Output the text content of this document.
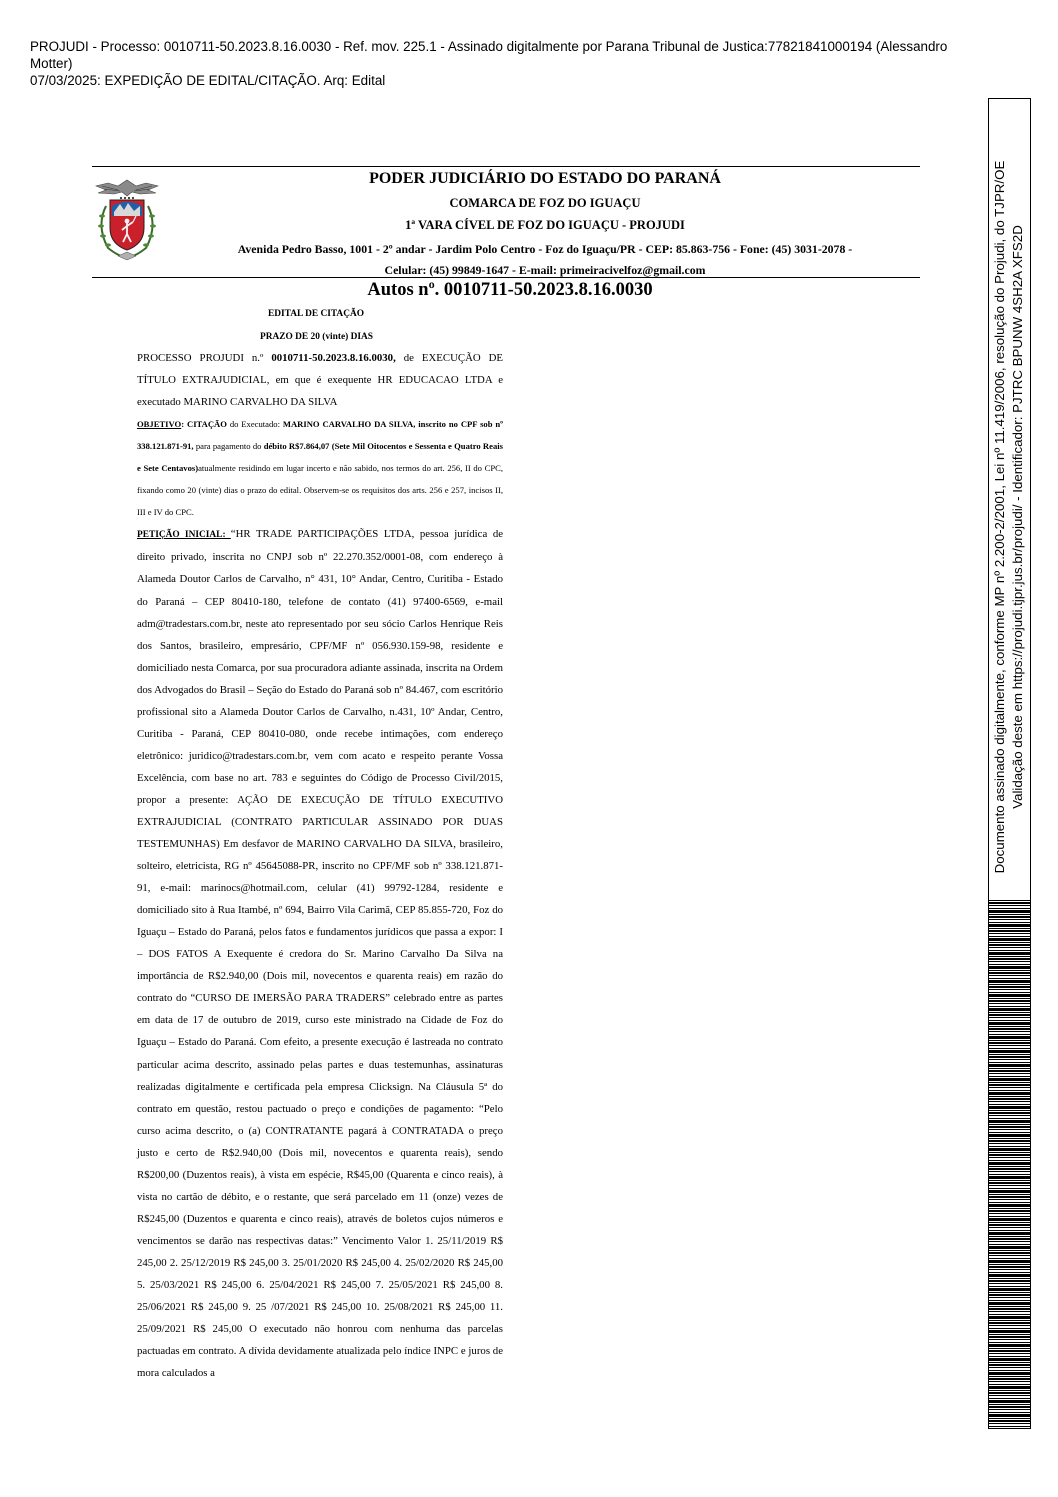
PROJUDI - Processo: 0010711-50.2023.8.16.0030 - Ref. mov. 225.1 - Assinado digitalmente por Parana Tribunal de Justica:77821841000194 (Alessandro Motter)
07/03/2025: EXPEDIÇÃO DE EDITAL/CITAÇÃO. Arq: Edital
PODER JUDICIÁRIO DO ESTADO DO PARANÁ
COMARCA DE FOZ DO IGUAÇU
1ª VARA CÍVEL DE FOZ DO IGUAÇU - PROJUDI
Avenida Pedro Basso, 1001 - 2º andar - Jardim Polo Centro - Foz do Iguaçu/PR - CEP: 85.863-756 - Fone: (45) 3031-2078 -
Celular: (45) 99849-1647 - E-mail: primeiracivelfoz@gmail.com
Autos nº. 0010711-50.2023.8.16.0030
EDITAL DE CITAÇÃO
PRAZO DE 20 (vinte) DIAS

PROCESSO PROJUDI n.º 0010711-50.2023.8.16.0030, de EXECUÇÃO DE TÍTULO EXTRAJUDICIAL, em que é exequente HR EDUCACAO LTDA e executado MARINO CARVALHO DA SILVA

OBJETIVO: CITAÇÃO do Executado: MARINO CARVALHO DA SILVA, inscrito no CPF sob nº 338.121.871-91, para pagamento do débito R$7.864,07 (Sete Mil Oitocentos e Sessenta e Quatro Reais e Sete Centavos)atualmente residindo em lugar incerto e não sabido, nos termos do art. 256, II do CPC, fixando como 20 (vinte) dias o prazo do edital. Observem-se os requisitos dos arts. 256 e 257, incisos II, III e IV do CPC.

PETIÇÃO INICIAL: “HR TRADE PARTICIPAÇÕES LTDA, pessoa jurídica de direito privado, inscrita no CNPJ sob nº 22.270.352/0001-08, com endereço à Alameda Doutor Carlos de Carvalho, n° 431, 10° Andar, Centro, Curitiba - Estado do Paraná – CEP 80410-180, telefone de contato (41) 97400-6569, e-mail adm@tradestars.com.br, neste ato representado por seu sócio Carlos Henrique Reis dos Santos, brasileiro, empresário, CPF/MF nº 056.930.159-98, residente e domiciliado nesta Comarca, por sua procuradora adiante assinada, inscrita na Ordem dos Advogados do Brasil – Seção do Estado do Paraná sob nº 84.467, com escritório profissional sito a Alameda Doutor Carlos de Carvalho, n.431, 10º Andar, Centro, Curitiba - Paraná, CEP 80410-080, onde recebe intimações, com endereço eletrônico: juridico@tradestars.com.br, vem com acato e respeito perante Vossa Excelência, com base no art. 783 e seguintes do Código de Processo Civil/2015, propor a presente: AÇÃO DE EXECUÇÃO DE TÍTULO EXECUTIVO EXTRAJUDICIAL (CONTRATO PARTICULAR ASSINADO POR DUAS TESTEMUNHAS) Em desfavor de MARINO CARVALHO DA SILVA, brasileiro, solteiro, eletricista, RG nº 45645088-PR, inscrito no CPF/MF sob nº 338.121.871-91, e-mail: marinocs@hotmail.com, celular (41) 99792-1284, residente e domiciliado sito à Rua Itambé, nº 694, Bairro Vila Carimã, CEP 85.855-720, Foz do Iguaçu – Estado do Paraná, pelos fatos e fundamentos jurídicos que passa a expor: I – DOS FATOS A Exequente é credora do Sr. Marino Carvalho Da Silva na importância de R$2.940,00 (Dois mil, novecentos e quarenta reais) em razão do contrato do “CURSO DE IMERSÃO PARA TRADERS” celebrado entre as partes em data de 17 de outubro de 2019, curso este ministrado na Cidade de Foz do Iguaçu – Estado do Paraná. Com efeito, a presente execução é lastreada no contrato particular acima descrito, assinado pelas partes e duas testemunhas, assinaturas realizadas digitalmente e certificada pela empresa Clicksign. Na Cláusula 5ª do contrato em questão, restou pactuado o preço e condições de pagamento: “Pelo curso acima descrito, o (a) CONTRATANTE pagará à CONTRATADA o preço justo e certo de R$2.940,00 (Dois mil, novecentos e quarenta reais), sendo R$200,00 (Duzentos reais), à vista em espécie, R$45,00 (Quarenta e cinco reais), à vista no cartão de débito, e o restante, que será parcelado em 11 (onze) vezes de R$245,00 (Duzentos e quarenta e cinco reais), através de boletos cujos números e vencimentos se darão nas respectivas datas:” Vencimento Valor 1. 25/11/2019 R$ 245,00 2. 25/12/2019 R$ 245,00 3. 25/01/2020 R$ 245,00 4. 25/02/2020 R$ 245,00 5. 25/03/2021 R$ 245,00 6. 25/04/2021 R$ 245,00 7. 25/05/2021 R$ 245,00 8. 25/06/2021 R$ 245,00 9. 25 /07/2021 R$ 245,00 10. 25/08/2021 R$ 245,00 11. 25/09/2021 R$ 245,00 O executado não honrou com nenhuma das parcelas pactuadas em contrato. A dívida devidamente atualizada pelo índice INPC e juros de mora calculados a

Documento assinado digitalmente, conforme MP nº 2.200-2/2001, Lei nº 11.419/2006, resolução do Projudi, do TJPR/OE Validação deste em https://projudi.tjpr.jus.br/projudi/ - Identificador: PJTRC BPUNW 4SH2A XFS2D
